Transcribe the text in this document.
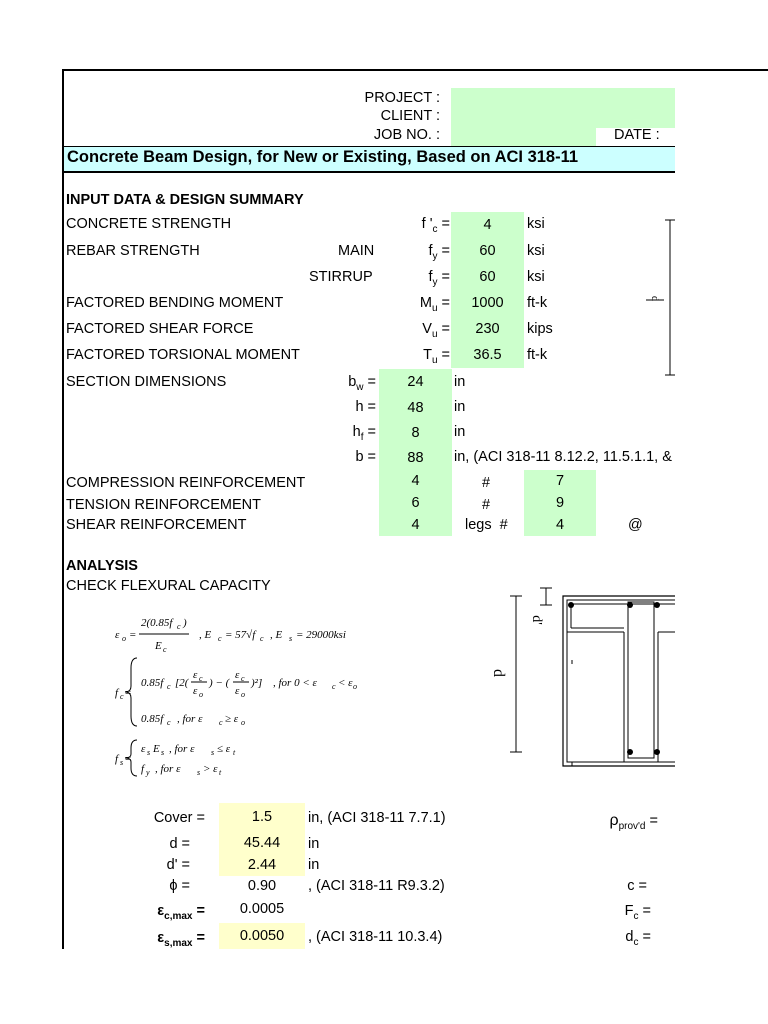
PROJECT :
CLIENT :
JOB NO. :	DATE :
Concrete Beam Design, for New or Existing, Based on ACI 318-11
INPUT DATA & DESIGN SUMMARY
CONCRETE STRENGTH	f '$_c$ =	4	ksi
REBAR STRENGTH	MAIN	$f_y$ =	60	ksi
STIRRUP	$f_y$ =	60	ksi
FACTORED BENDING MOMENT	$M_u$ =	1000	ft-k
FACTORED SHEAR FORCE	$V_u$ =	230	kips
FACTORED TORSIONAL MOMENT	$T_u$ =	36.5	ft-k
SECTION DIMENSIONS	$b_w$ =	24	in
h =	48	in
$h_f$ =	8	in
b =	88	in, (ACI 318-11 8.12.2, 11.5.1.1, &
COMPRESSION REINFORCEMENT	4	#	7
TENSION REINFORCEMENT	6	#	9
SHEAR REINFORCEMENT	4	legs  #	4	@
d
ANALYSIS
CHECK FLEXURAL CAPACITY
ε o =
2(0.85f c )
E c
, E c = 57√f c , E s = 29000ksi
f c =
0.85f c [2(
ε c
ε o
) − (
ε c
ε o
)²] , for 0 < ε c < ε o
0.85f c , for ε c ≥ ε o
f s =
ε s E s , for ε s ≤ ε t
f y , for ε s > ε t
d'
d
Cover =	1.5	in, (ACI 318-11 7.7.1)
d =	45.44	in
d' =	2.44	in
ϕ =	0.90	, (ACI 318-11 R9.3.2)
$\varepsilon_{c,max}$ =	0.0005
$\varepsilon_{s,max}$ =	0.0050	, (ACI 318-11 10.3.4)
$\rho_{prov'd}$ =
c =
$F_c$ =
$d_c$ =
